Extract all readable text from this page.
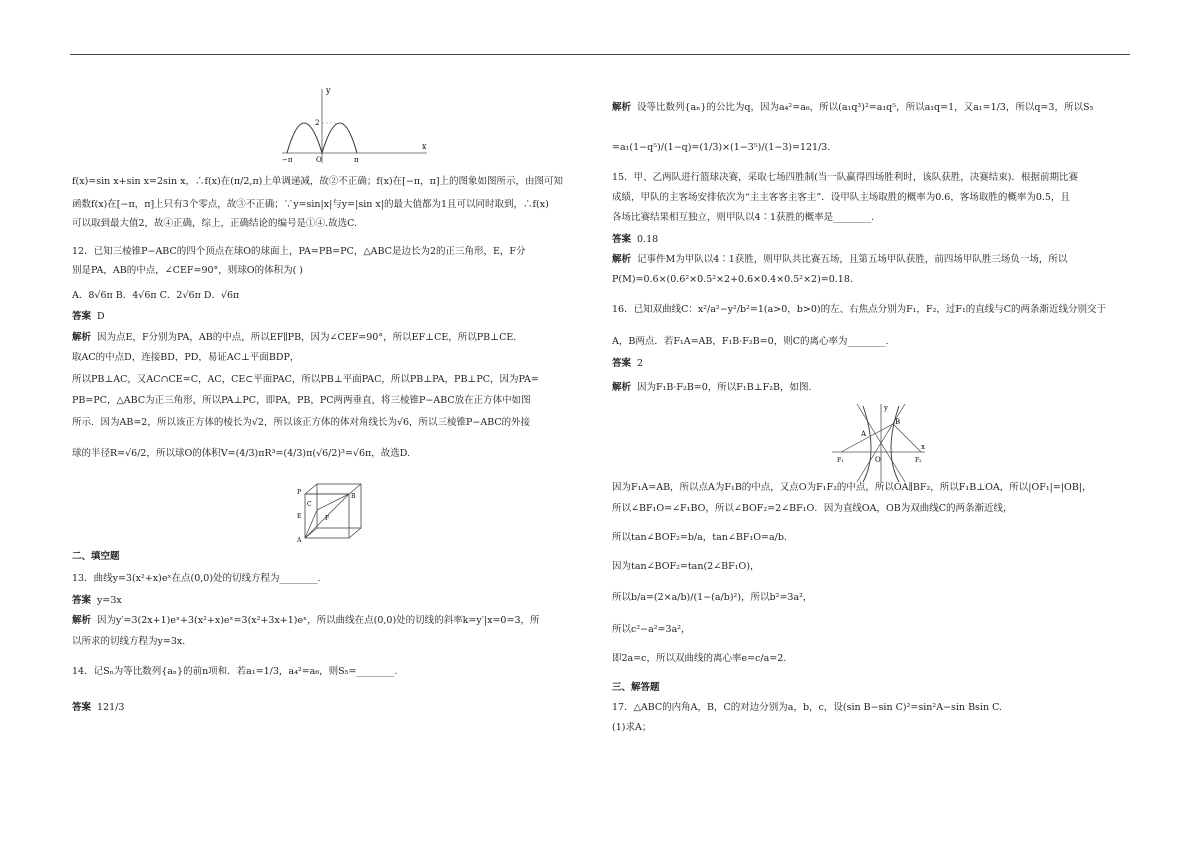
y
x
2
O
−π	π
f(x)=sin x+sin x=2sin x，∴f(x)在(π/2,π)上单调递减，故②不正确；f(x)在[−π，π]上的图象如图所示，由图可知
函数f(x)在[−π，π]上只有3个零点，故③不正确；∵y=sin|x|与y=|sin x|的最大值都为1且可以同时取到，∴f(x)
可以取到最大值2，故④正确，综上，正确结论的编号是①④.故选C.
12．已知三棱锥P−ABC的四个顶点在球O的球面上，PA=PB=PC，△ABC是边长为2的正三角形，E，F分
别是PA，AB的中点，∠CEF=90°，则球O的体积为( )
A．8√6π B．4√6π C．2√6π D．√6π
答案 D
解析 因为点E，F分别为PA，AB的中点，所以EF∥PB，因为∠CEF=90°，所以EF⊥CE，所以PB⊥CE.
取AC的中点D，连接BD，PD，易证AC⊥平面BDP，
所以PB⊥AC，又AC∩CE=C，AC，CE⊂平面PAC，所以PB⊥平面PAC，所以PB⊥PA，PB⊥PC，因为PA=
PB=PC，△ABC为正三角形，所以PA⊥PC，即PA，PB，PC两两垂直，将三棱锥P−ABC放在正方体中如图
所示．因为AB=2，所以该正方体的棱长为√2，所以该正方体的体对角线长为√6，所以三棱锥P−ABC的外接
球的半径R=√6/2，所以球O的体积V=(4/3)πR³=(4/3)π(√6/2)³=√6π，故选D.
P
B
C
E	F
A
二、填空题
13．曲线y=3(x²+x)eˣ在点(0,0)处的切线方程为________.
答案 y=3x
解析 因为y′=3(2x+1)eˣ+3(x²+x)eˣ=3(x²+3x+1)eˣ，所以曲线在点(0,0)处的切线的斜率k=y′|x=0=3，所
以所求的切线方程为y=3x.
14．记Sₙ为等比数列{aₙ}的前n项和．若a₁=1/3，a₄²=a₆，则S₅=________.
答案 121/3
解析 设等比数列{aₙ}的公比为q，因为a₄²=a₆，所以(a₁q³)²=a₁q⁵，所以a₁q=1，又a₁=1/3，所以q=3，所以S₅
=a₁(1−q⁵)/(1−q)=(1/3)×(1−3⁵)/(1−3)=121/3.
15．甲、乙两队进行篮球决赛，采取七场四胜制(当一队赢得四场胜利时，该队获胜，决赛结束)．根据前期比赛
成绩，甲队的主客场安排依次为“主主客客主客主”．设甲队主场取胜的概率为0.6，客场取胜的概率为0.5，且
各场比赛结果相互独立，则甲队以4∶1获胜的概率是________.
答案 0.18
解析 记事件M为甲队以4∶1获胜，则甲队共比赛五场，且第五场甲队获胜，前四场甲队胜三场负一场，所以
P(M)=0.6×(0.6²×0.5²×2+0.6×0.4×0.5²×2)=0.18.
16．已知双曲线C：x²/a²−y²/b²=1(a>0，b>0)的左、右焦点分别为F₁，F₂，过F₁的直线与C的两条渐近线分别交于
A，B两点．若F₁A=AB，F₁B·F₂B=0，则C的离心率为________.
答案 2
解析 因为F₁B·F₂B=0，所以F₁B⊥F₂B，如图.
y
B
A
F₁	O	F₂
x
因为F₁A=AB，所以点A为F₁B的中点，又点O为F₁F₂的中点，所以OA∥BF₂，所以F₁B⊥OA，所以|OF₁|=|OB|，
所以∠BF₁O=∠F₁BO，所以∠BOF₂=2∠BF₁O．因为直线OA，OB为双曲线C的两条渐近线，
所以tan∠BOF₂=b/a，tan∠BF₁O=a/b.
因为tan∠BOF₂=tan(2∠BF₁O)，
所以b/a=(2×a/b)/(1−(a/b)²)，所以b²=3a²，
所以c²−a²=3a²，
即2a=c，所以双曲线的离心率e=c/a=2.
三、解答题
17．△ABC的内角A，B，C的对边分别为a，b，c，设(sin B−sin C)²=sin²A−sin Bsin C.
(1)求A；
